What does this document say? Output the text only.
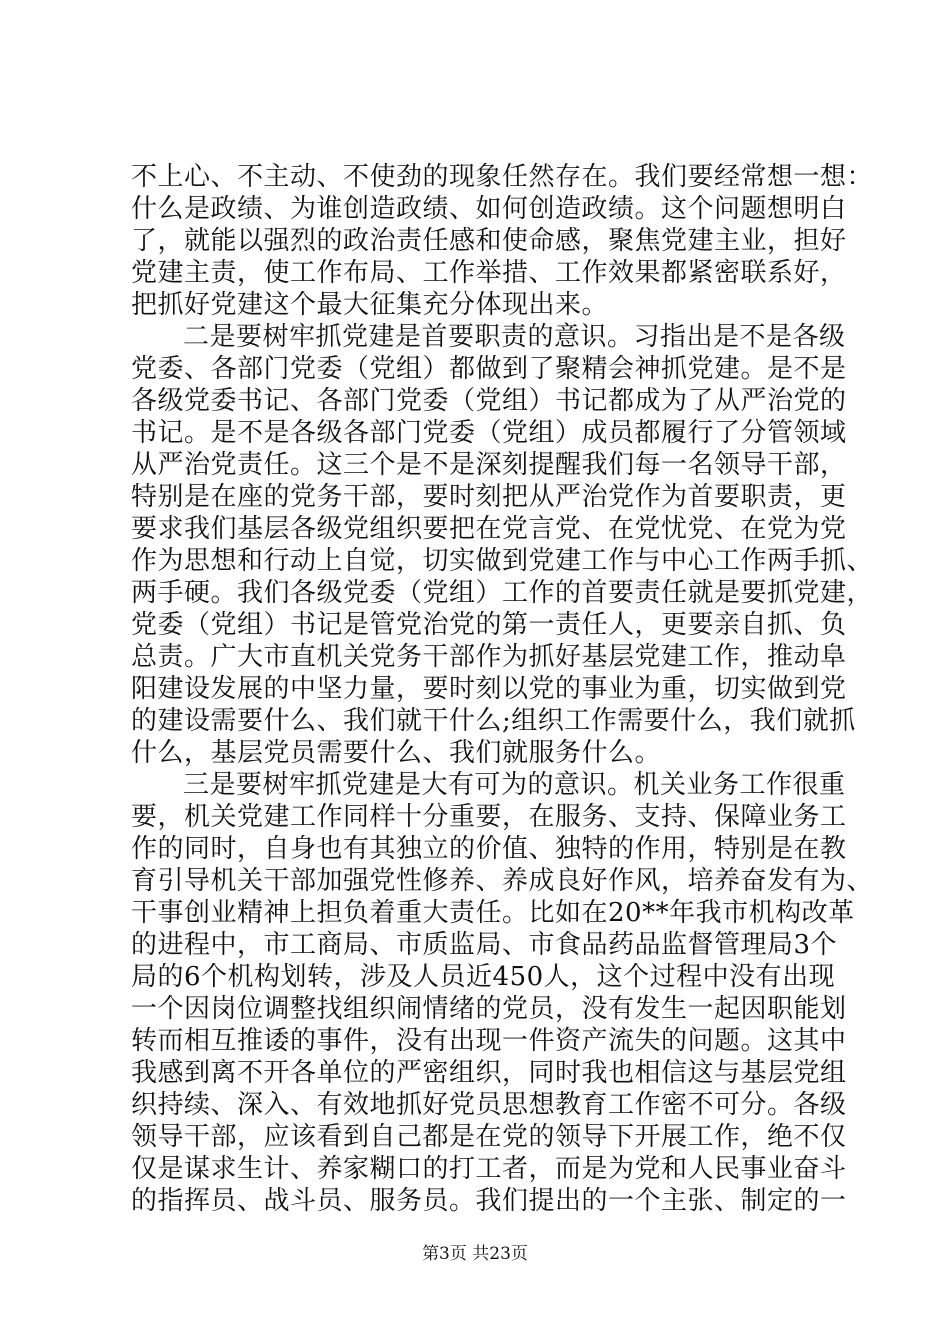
不上心、不主动、不使劲的现象任然存在。我们要经常想一想：
什么是政绩、为谁创造政绩、如何创造政绩。这个问题想明白
了，就能以强烈的政治责任感和使命感，聚焦党建主业，担好
党建主责，使工作布局、工作举措、工作效果都紧密联系好，
把抓好党建这个最大征集充分体现出来。
二是要树牢抓党建是首要职责的意识。习指出是不是各级
党委、各部门党委（党组）都做到了聚精会神抓党建。是不是
各级党委书记、各部门党委（党组）书记都成为了从严治党的
书记。是不是各级各部门党委（党组）成员都履行了分管领域
从严治党责任。这三个是不是深刻提醒我们每一名领导干部，
特别是在座的党务干部，要时刻把从严治党作为首要职责，更
要求我们基层各级党组织要把在党言党、在党忧党、在党为党
作为思想和行动上自觉，切实做到党建工作与中心工作两手抓、
两手硬。我们各级党委（党组）工作的首要责任就是要抓党建，
党委（党组）书记是管党治党的第一责任人，更要亲自抓、负
总责。广大市直机关党务干部作为抓好基层党建工作，推动阜
阳建设发展的中坚力量，要时刻以党的事业为重，切实做到党
的建设需要什么、我们就干什么;组织工作需要什么，我们就抓
什么，基层党员需要什么、我们就服务什么。
三是要树牢抓党建是大有可为的意识。机关业务工作很重
要，机关党建工作同样十分重要，在服务、支持、保障业务工
作的同时，自身也有其独立的价值、独特的作用，特别是在教
育引导机关干部加强党性修养、养成良好作风，培养奋发有为、
干事创业精神上担负着重大责任。比如在20**年我市机构改革
的进程中，市工商局、市质监局、市食品药品监督管理局3个
局的6个机构划转，涉及人员近450人，这个过程中没有出现
一个因岗位调整找组织闹情绪的党员，没有发生一起因职能划
转而相互推诿的事件，没有出现一件资产流失的问题。这其中
我感到离不开各单位的严密组织，同时我也相信这与基层党组
织持续、深入、有效地抓好党员思想教育工作密不可分。各级
领导干部，应该看到自己都是在党的领导下开展工作，绝不仅
仅是谋求生计、养家糊口的打工者，而是为党和人民事业奋斗
的指挥员、战斗员、服务员。我们提出的一个主张、制定的一
第3页 共23页
